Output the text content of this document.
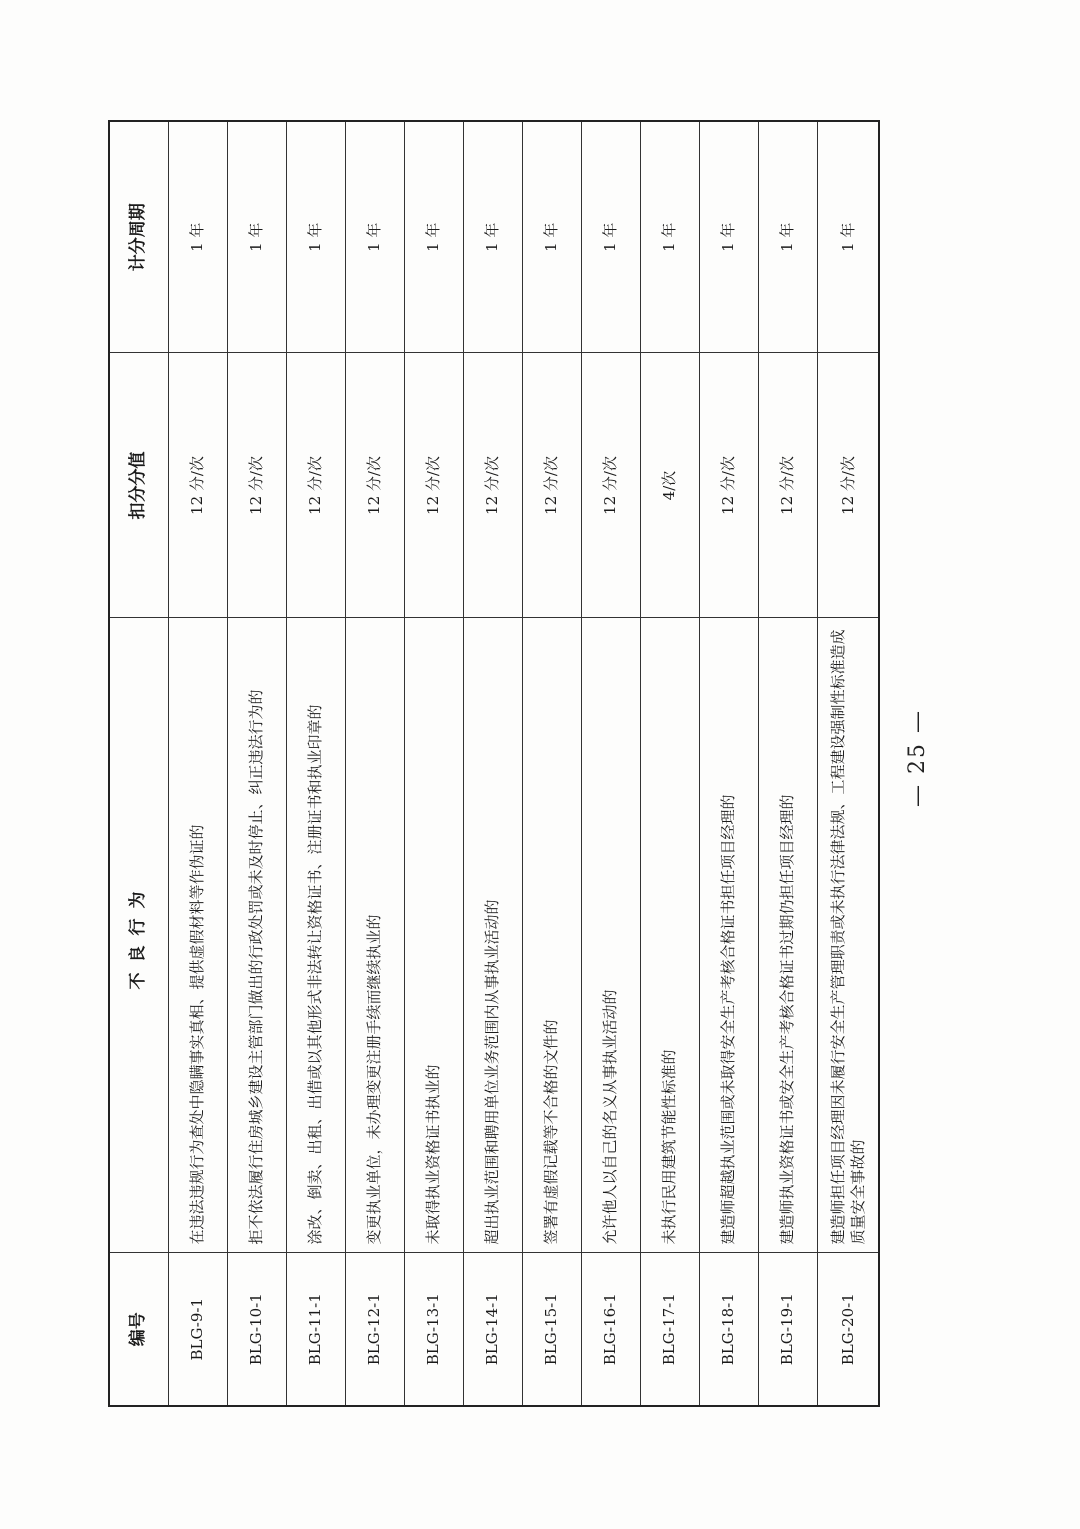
编号	不良行为	扣分分值	计分周期
BLG-9-1	在违法违规行为查处中隐瞒事实真相、提供虚假材料等作伪证的	12 分/次	1 年
BLG-10-1	拒不依法履行住房城乡建设主管部门做出的行政处罚或未及时停止、纠正违法行为的	12 分/次	1 年
BLG-11-1	涂改、倒卖、出租、出借或以其他形式非法转让资格证书、注册证书和执业印章的	12 分/次	1 年
BLG-12-1	变更执业单位，未办理变更注册手续而继续执业的	12 分/次	1 年
BLG-13-1	未取得执业资格证书执业的	12 分/次	1 年
BLG-14-1	超出执业范围和聘用单位业务范围内从事执业活动的	12 分/次	1 年
BLG-15-1	签署有虚假记载等不合格的文件的	12 分/次	1 年
BLG-16-1	允许他人以自己的名义从事执业活动的	12 分/次	1 年
BLG-17-1	未执行民用建筑节能性标准的	4/次	1 年
BLG-18-1	建造师超越执业范围或未取得安全生产考核合格证书担任项目经理的	12 分/次	1 年
BLG-19-1	建造师执业资格证书或安全生产考核合格证书过期仍担任项目经理的	12 分/次	1 年
BLG-20-1	建造师担任项目经理因未履行安全生产管理职责或未执行法律法规、工程建设强制性标准造成质量安全事故的	12 分/次	1 年
— 25 —
